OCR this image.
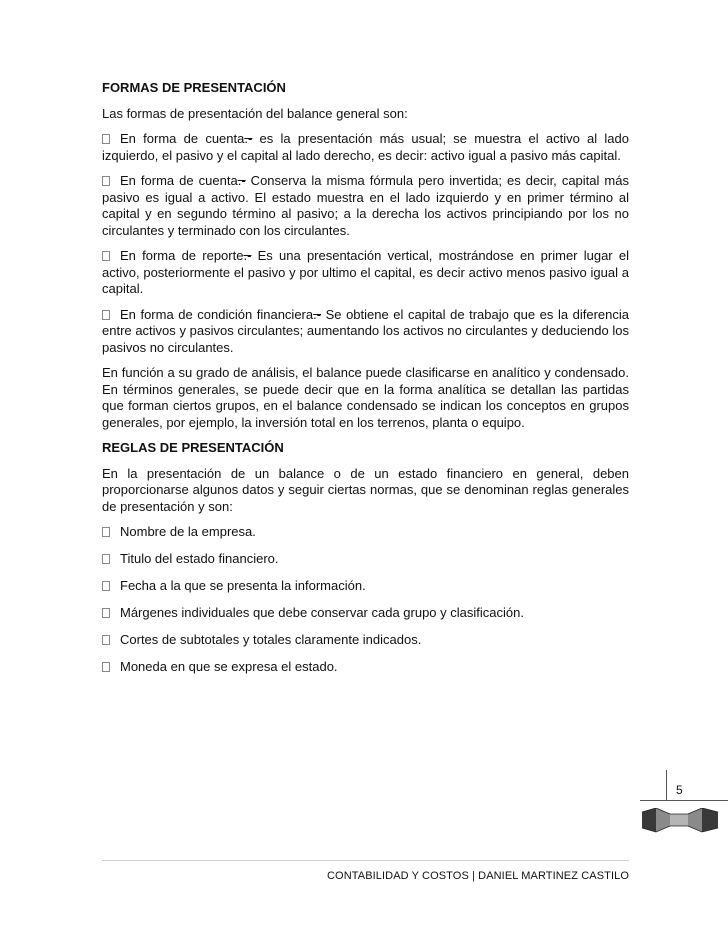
FORMAS DE PRESENTACIÓN

Las formas de presentación del balance general son:

En forma de cuenta.- es la presentación más usual; se muestra el activo al lado izquierdo, el pasivo y el capital al lado derecho, es decir: activo igual a pasivo más capital.

En forma de cuenta.- Conserva la misma fórmula pero invertida; es decir, capital más pasivo es igual a activo. El estado muestra en el lado izquierdo y en primer término al capital y en segundo término al pasivo; a la derecha los activos principiando por los no circulantes y terminado con los circulantes.

En forma de reporte.- Es una presentación vertical, mostrándose en primer lugar el activo, posteriormente el pasivo y por ultimo el capital, es decir activo menos pasivo igual a capital.

En forma de condición financiera.- Se obtiene el capital de trabajo que es la diferencia entre activos y pasivos circulantes; aumentando los activos no circulantes y deduciendo los pasivos no circulantes.

En función a su grado de análisis, el balance puede clasificarse en analítico y condensado. En términos generales, se puede decir que en la forma analítica se detallan las partidas que forman ciertos grupos, en el balance condensado se indican los conceptos en grupos generales, por ejemplo, la inversión total en los terrenos, planta o equipo.

REGLAS DE PRESENTACIÓN

En la presentación de un balance o de un estado financiero en general, deben proporcionarse algunos datos y seguir ciertas normas, que se denominan reglas generales de presentación y son:

Nombre de la empresa.
Titulo del estado financiero.
Fecha a la que se presenta la información.
Márgenes individuales que debe conservar cada grupo y clasificación.
Cortes de subtotales y totales claramente indicados.
Moneda en que se expresa el estado.
5
CONTABILIDAD Y COSTOS | DANIEL MARTINEZ CASTILO
